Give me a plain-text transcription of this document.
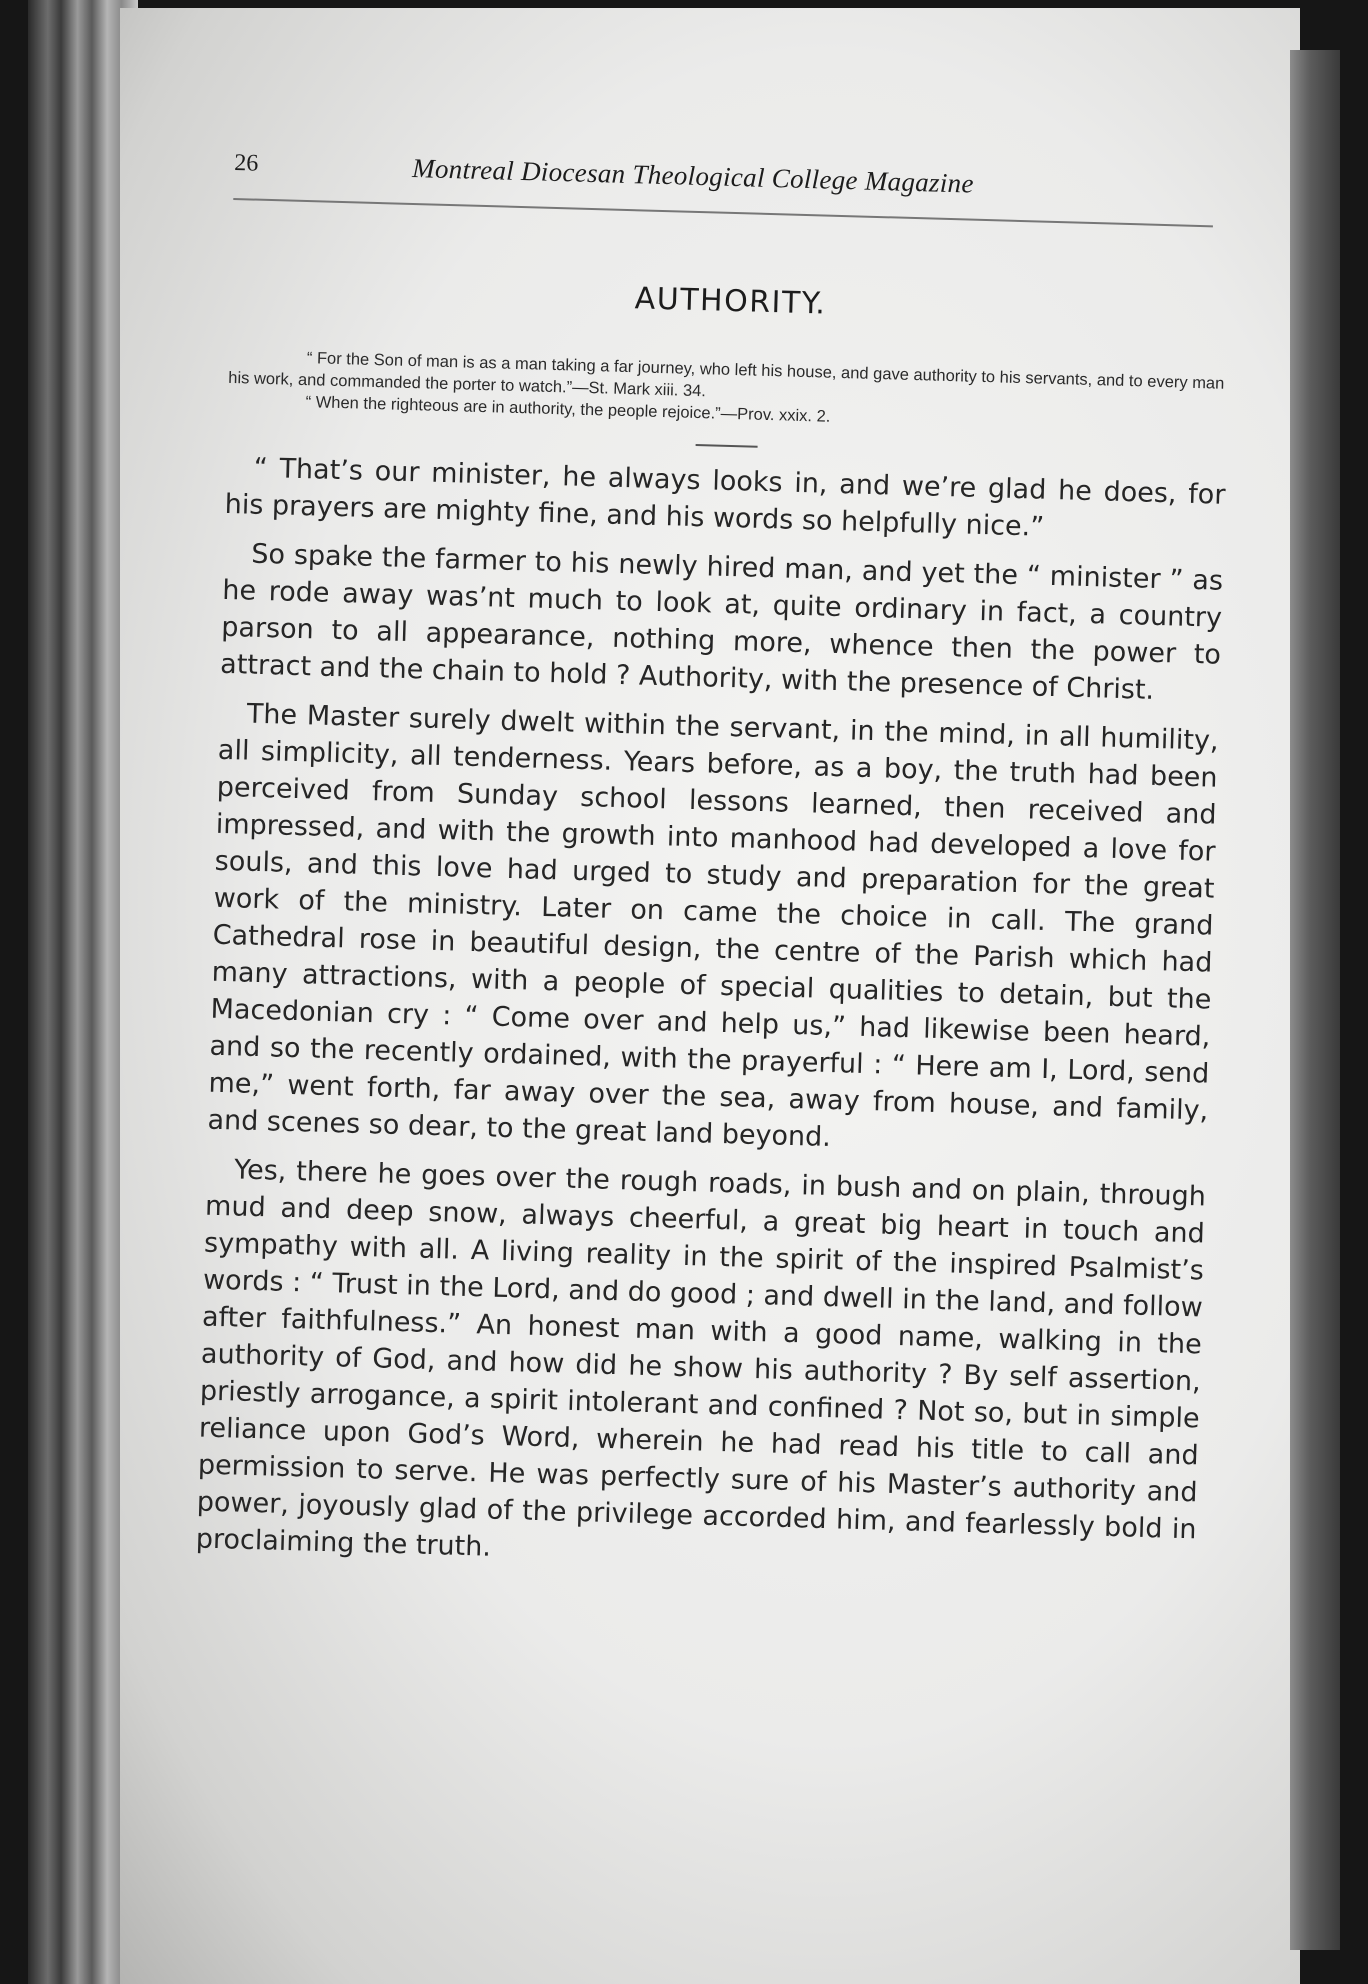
26	Montreal Diocesan Theological College Magazine
AUTHORITY.

“ For the Son of man is as a man taking a far journey, who left his house, and gave authority to his servants, and to every man his work, and commanded the porter to watch.”—St. Mark xiii. 34.

“ When the righteous are in authority, the people rejoice.”—Prov. xxix. 2.

“ That’s our minister, he always looks in, and we’re glad he does, for his prayers are mighty fine, and his words so helpfully nice.”

So spake the farmer to his newly hired man, and yet the “ minister ” as he rode away was’nt much to look at, quite ordinary in fact, a country parson to all appearance, nothing more, whence then the power to attract and the chain to hold ? Authority, with the presence of Christ.

The Master surely dwelt within the servant, in the mind, in all humility, all simplicity, all tenderness. Years before, as a boy, the truth had been perceived from Sunday school lessons learned, then received and impressed, and with the growth into manhood had developed a love for souls, and this love had urged to study and preparation for the great work of the ministry. Later on came the choice in call. The grand Cathedral rose in beautiful design, the centre of the Parish which had many attractions, with a people of special qualities to detain, but the Macedonian cry : “ Come over and help us,” had likewise been heard, and so the recently ordained, with the prayerful : “ Here am I, Lord, send me,” went forth, far away over the sea, away from house, and family, and scenes so dear, to the great land beyond.

Yes, there he goes over the rough roads, in bush and on plain, through mud and deep snow, always cheerful, a great big heart in touch and sympathy with all. A living reality in the spirit of the inspired Psalmist’s words : “ Trust in the Lord, and do good ; and dwell in the land, and follow after faithfulness.” An honest man with a good name, walking in the authority of God, and how did he show his authority ? By self assertion, priestly arrogance, a spirit intolerant and confined ? Not so, but in simple reliance upon God’s Word, wherein he had read his title to call and permission to serve. He was perfectly sure of his Master’s authority and power, joyously glad of the privilege accorded him, and fearlessly bold in proclaiming the truth.
